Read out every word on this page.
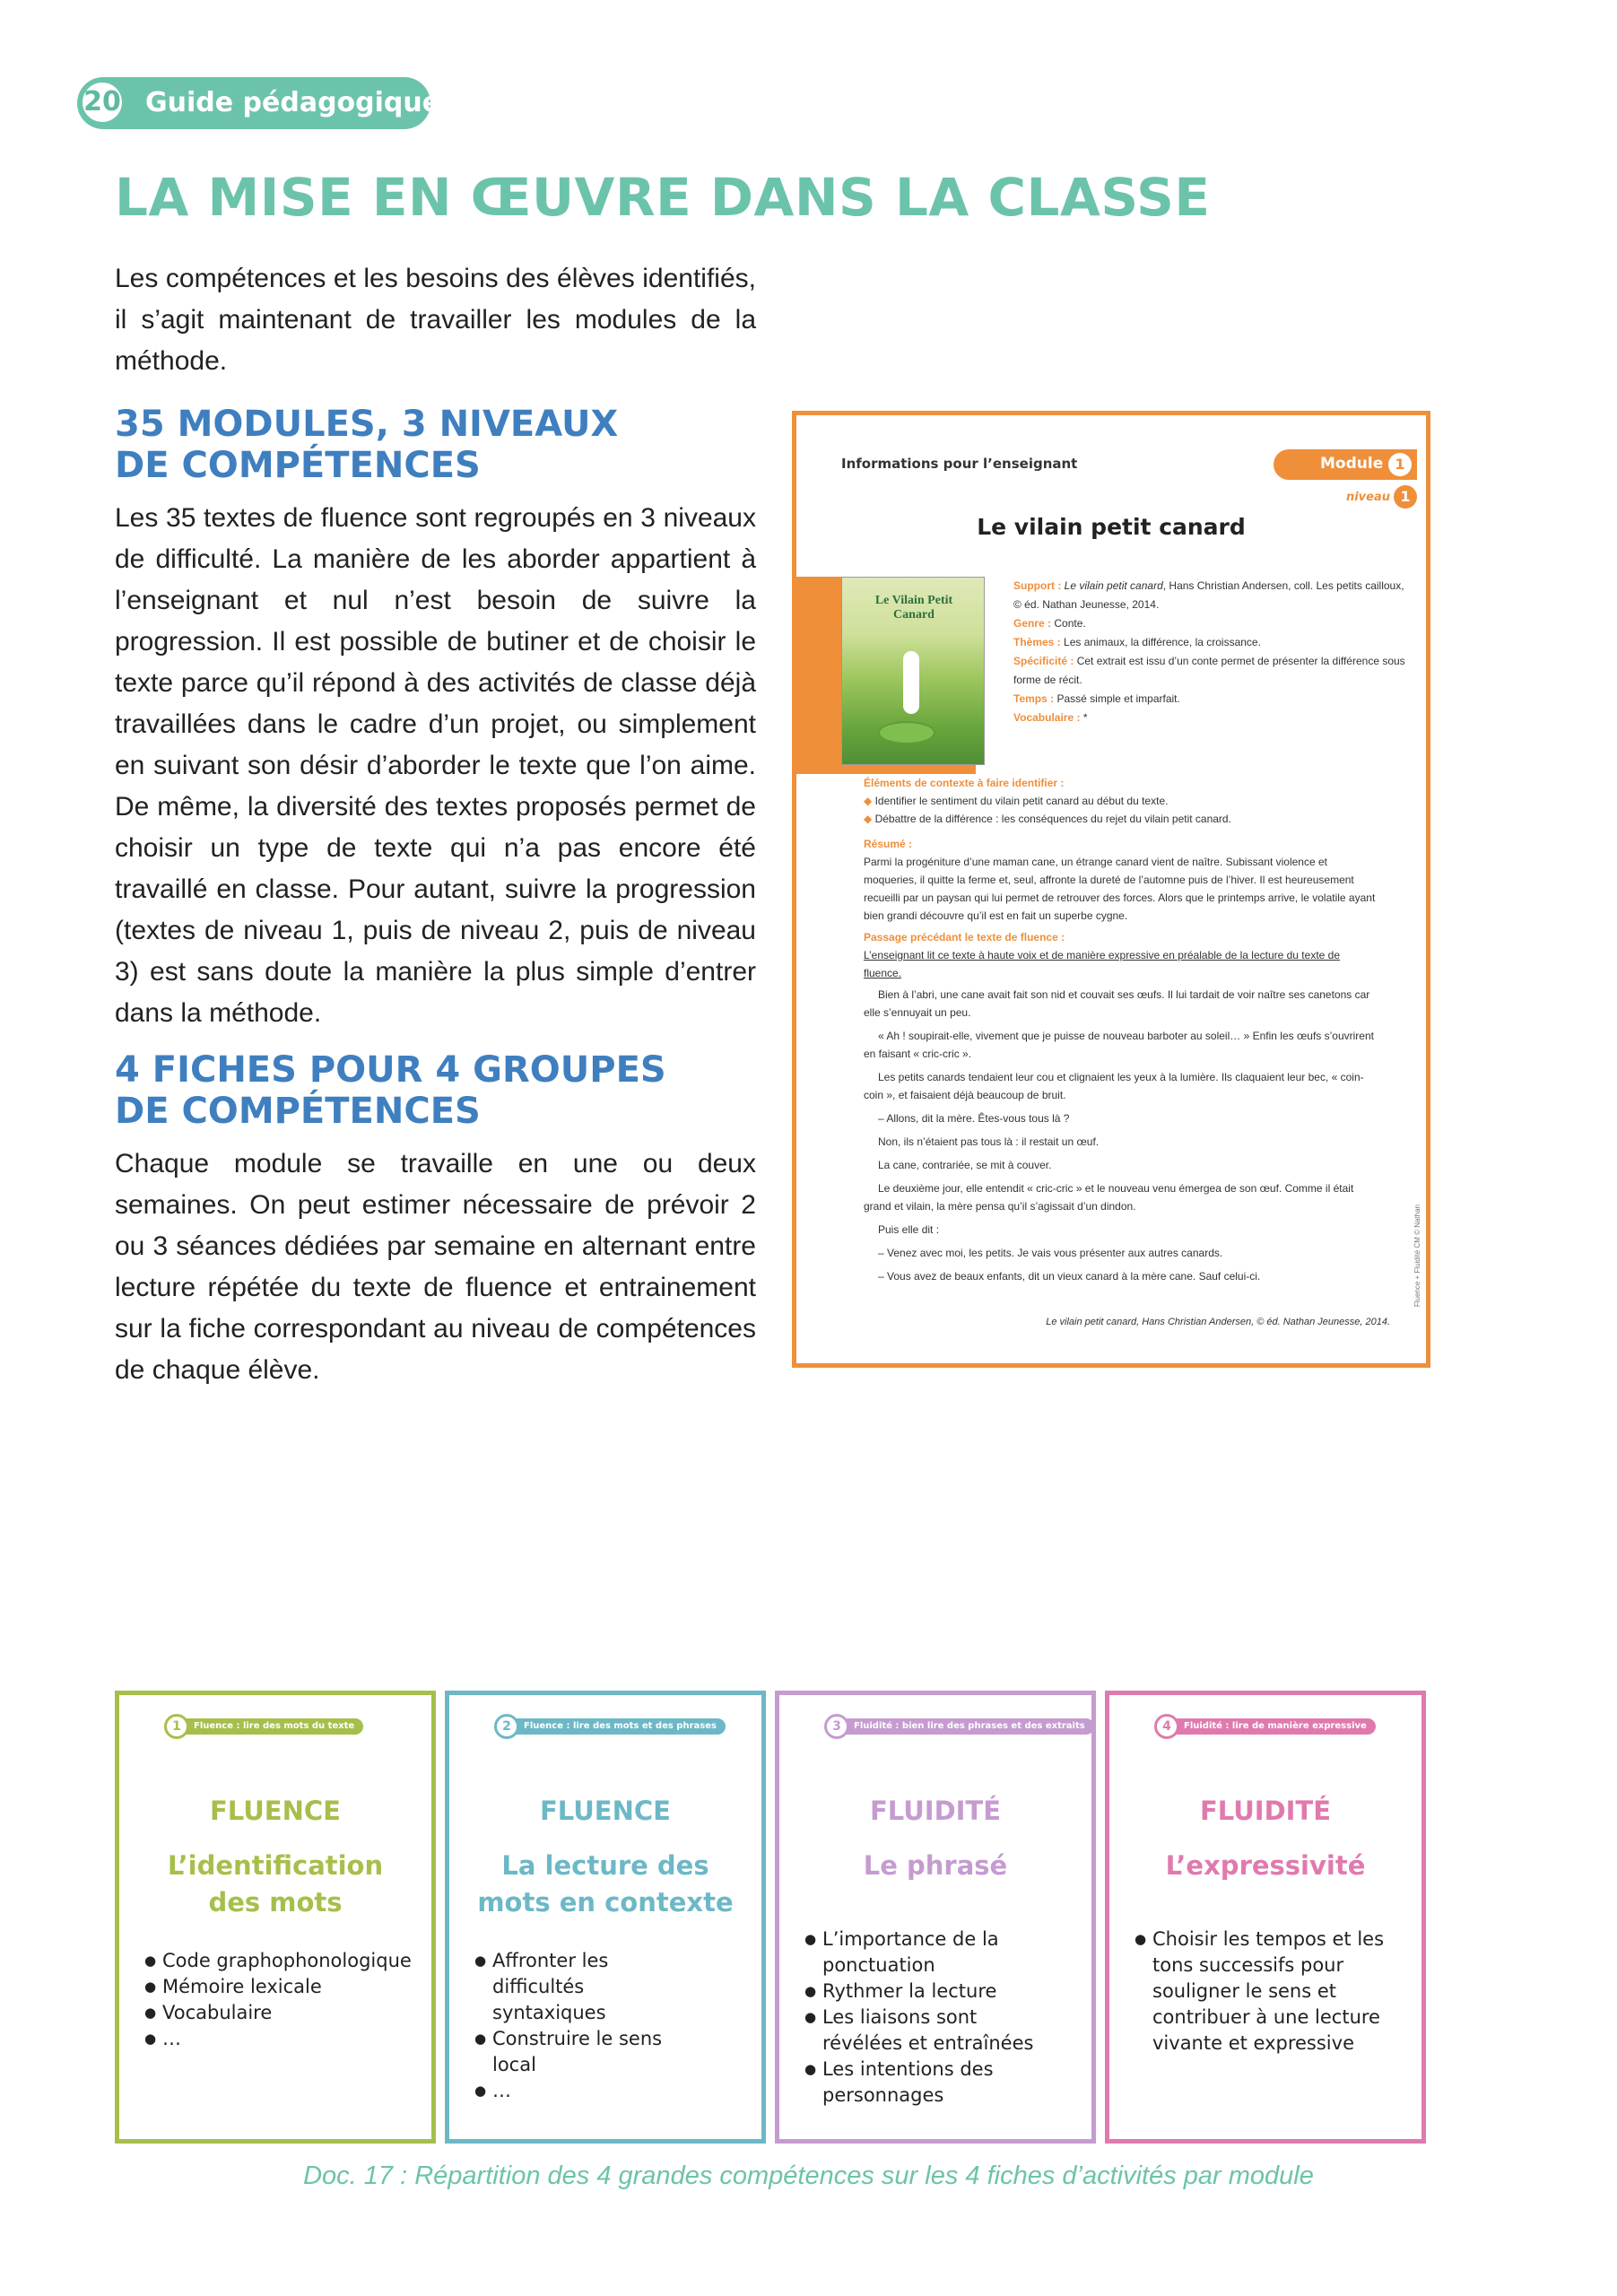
20 Guide pédagogique
LA MISE EN ŒUVRE DANS LA CLASSE

Les compétences et les besoins des élèves identifiés, il s’agit maintenant de travailler les modules de la méthode.

35 MODULES, 3 NIVEAUX
DE COMPÉTENCES

Les 35 textes de fluence sont regroupés en 3 niveaux de difficulté. La manière de les aborder appartient à l’enseignant et nul n’est besoin de suivre la progression. Il est possible de butiner et de choisir le texte parce qu’il répond à des activités de classe déjà travaillées dans le cadre d’un projet, ou simplement en suivant son désir d’aborder le texte que l’on aime. De même, la diversité des textes proposés permet de choisir un type de texte qui n’a pas encore été travaillé en classe. Pour autant, suivre la progression (textes de niveau 1, puis de niveau 2, puis de niveau 3) est sans doute la manière la plus simple d’entrer dans la méthode.

4 FICHES POUR 4 GROUPES
DE COMPÉTENCES

Chaque module se travaille en une ou deux semaines. On peut estimer nécessaire de prévoir 2 ou 3 séances dédiées par semaine en alternant entre lecture répétée du texte de fluence et entrainement sur la fiche correspondant au niveau de compétences de chaque élève.

Informations pour l’enseignant	Module 1
niveau 1
Le vilain petit canard
Le Vilain Petit Canard
Support : Le vilain petit canard, Hans Christian Andersen, coll. Les petits cailloux, © éd. Nathan Jeunesse, 2014.
Genre : Conte.
Thèmes : Les animaux, la différence, la croissance.
Spécificité : Cet extrait est issu d’un conte permet de présenter la différence sous forme de récit.
Temps : Passé simple et imparfait.
Vocabulaire : *
Éléments de contexte à faire identifier :
◆ Identifier le sentiment du vilain petit canard au début du texte.
◆ Débattre de la différence : les conséquences du rejet du vilain petit canard.
Résumé :
Parmi la progéniture d’une maman cane, un étrange canard vient de naître. Subissant violence et moqueries, il quitte la ferme et, seul, affronte la dureté de l’automne puis de l’hiver. Il est heureusement recueilli par un paysan qui lui permet de retrouver des forces. Alors que le printemps arrive, le volatile ayant bien grandi découvre qu’il est en fait un superbe cygne.
Passage précédant le texte de fluence :
L’enseignant lit ce texte à haute voix et de manière expressive en préalable de la lecture du texte de fluence.

Bien à l’abri, une cane avait fait son nid et couvait ses œufs. Il lui tardait de voir naître ses canetons car elle s’ennuyait un peu.

« Ah ! soupirait-elle, vivement que je puisse de nouveau barboter au soleil… » Enfin les œufs s’ouvrirent en faisant « cric-cric ».

Les petits canards tendaient leur cou et clignaient les yeux à la lumière. Ils claquaient leur bec, « coin-coin », et faisaient déjà beaucoup de bruit.

– Allons, dit la mère. Êtes-vous tous là ?

Non, ils n’étaient pas tous là : il restait un œuf.

La cane, contrariée, se mit à couver.

Le deuxième jour, elle entendit « cric-cric » et le nouveau venu émergea de son œuf. Comme il était grand et vilain, la mère pensa qu’il s’agissait d’un dindon.

Puis elle dit :

– Venez avec moi, les petits. Je vais vous présenter aux autres canards.

– Vous avez de beaux enfants, dit un vieux canard à la mère cane. Sauf celui-ci.

Le vilain petit canard, Hans Christian Andersen, © éd. Nathan Jeunesse, 2014.
Fluence + Fluidité CM © Nathan
Fluence : lire des mots du texte
1
FLUENCE
L’identification des mots
● Code graphophonologique
● Mémoire lexicale
● Vocabulaire
● …
Fluence : lire des mots et des phrases
2
FLUENCE
La lecture des mots en contexte
● Affronter les difficultés syntaxiques
● Construire le sens local
● …
Fluidité : bien lire des phrases et des extraits
3
FLUIDITÉ
Le phrasé
● L’importance de la ponctuation
● Rythmer la lecture
● Les liaisons sont révélées et entraînées
● Les intentions des personnages
Fluidité : lire de manière expressive
4
FLUIDITÉ
L’expressivité
● Choisir les tempos et les tons successifs pour souligner le sens et contribuer à une lecture vivante et expressive

Doc. 17 : Répartition des 4 grandes compétences sur les 4 fiches d’activités par module
